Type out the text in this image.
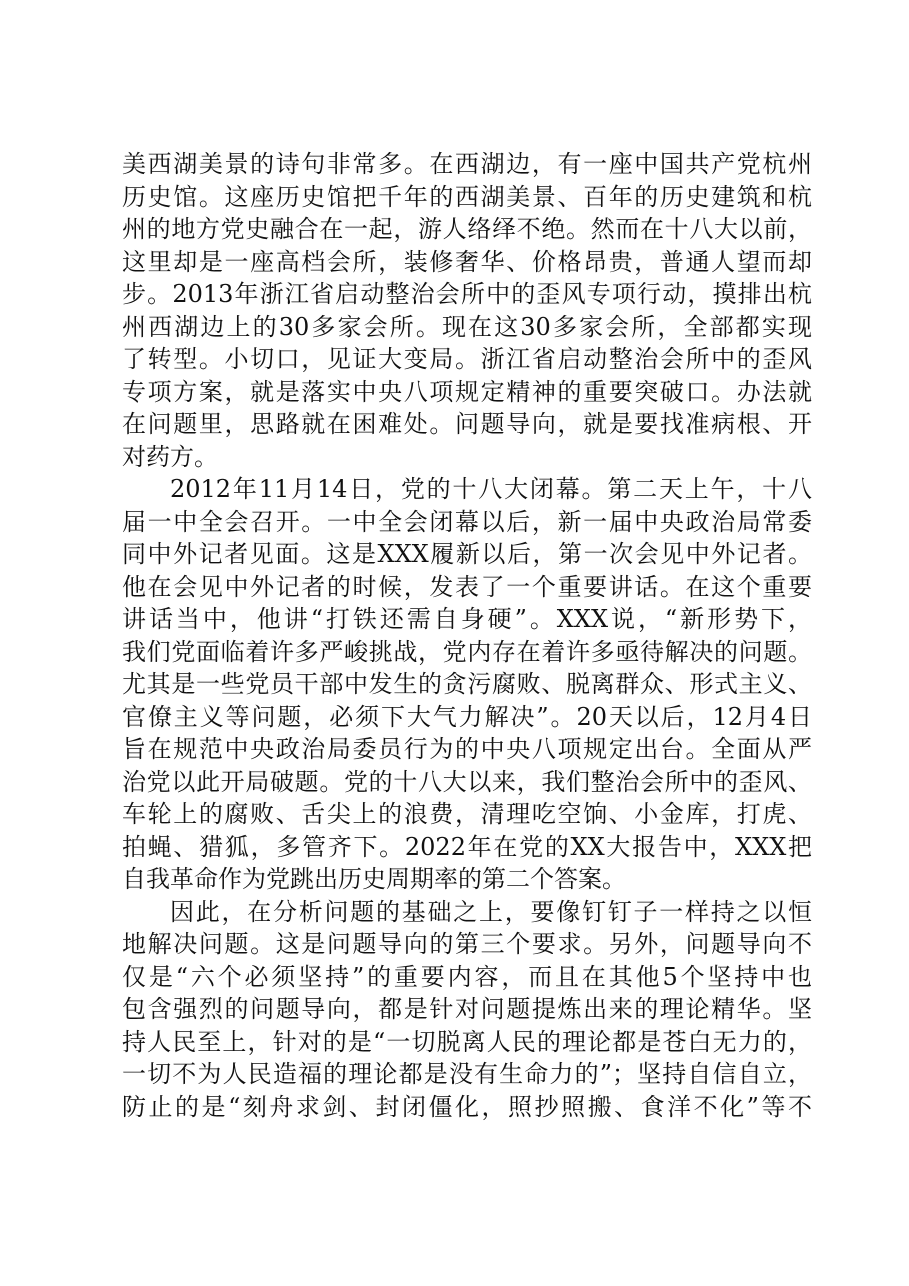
美西湖美景的诗句非常多。在西湖边，有一座中国共产党杭州
历史馆。这座历史馆把千年的西湖美景、百年的历史建筑和杭
州的地方党史融合在一起，游人络绎不绝。然而在十八大以前，
这里却是一座高档会所，装修奢华、价格昂贵，普通人望而却
步。2013年浙江省启动整治会所中的歪风专项行动，摸排出杭
州西湖边上的30多家会所。现在这30多家会所，全部都实现
了转型。小切口，见证大变局。浙江省启动整治会所中的歪风
专项方案，就是落实中央八项规定精神的重要突破口。办法就
在问题里，思路就在困难处。问题导向，就是要找准病根、开
对药方。

2012年11月14日，党的十八大闭幕。第二天上午，十八
届一中全会召开。一中全会闭幕以后，新一届中央政治局常委
同中外记者见面。这是XXX履新以后，第一次会见中外记者。
他在会见中外记者的时候，发表了一个重要讲话。在这个重要
讲话当中，他讲“打铁还需自身硬”。XXX说，“新形势下，
我们党面临着许多严峻挑战，党内存在着许多亟待解决的问题。
尤其是一些党员干部中发生的贪污腐败、脱离群众、形式主义、
官僚主义等问题，必须下大气力解决”。20天以后，12月4日
旨在规范中央政治局委员行为的中央八项规定出台。全面从严
治党以此开局破题。党的十八大以来，我们整治会所中的歪风、
车轮上的腐败、舌尖上的浪费，清理吃空饷、小金库，打虎、
拍蝇、猎狐，多管齐下。2022年在党的XX大报告中，XXX把
自我革命作为党跳出历史周期率的第二个答案。

因此，在分析问题的基础之上，要像钉钉子一样持之以恒
地解决问题。这是问题导向的第三个要求。另外，问题导向不
仅是“六个必须坚持”的重要内容，而且在其他5个坚持中也
包含强烈的问题导向，都是针对问题提炼出来的理论精华。坚
持人民至上，针对的是“一切脱离人民的理论都是苍白无力的，
一切不为人民造福的理论都是没有生命力的”；坚持自信自立，
防止的是“刻舟求剑、封闭僵化，照抄照搬、食洋不化”等不
